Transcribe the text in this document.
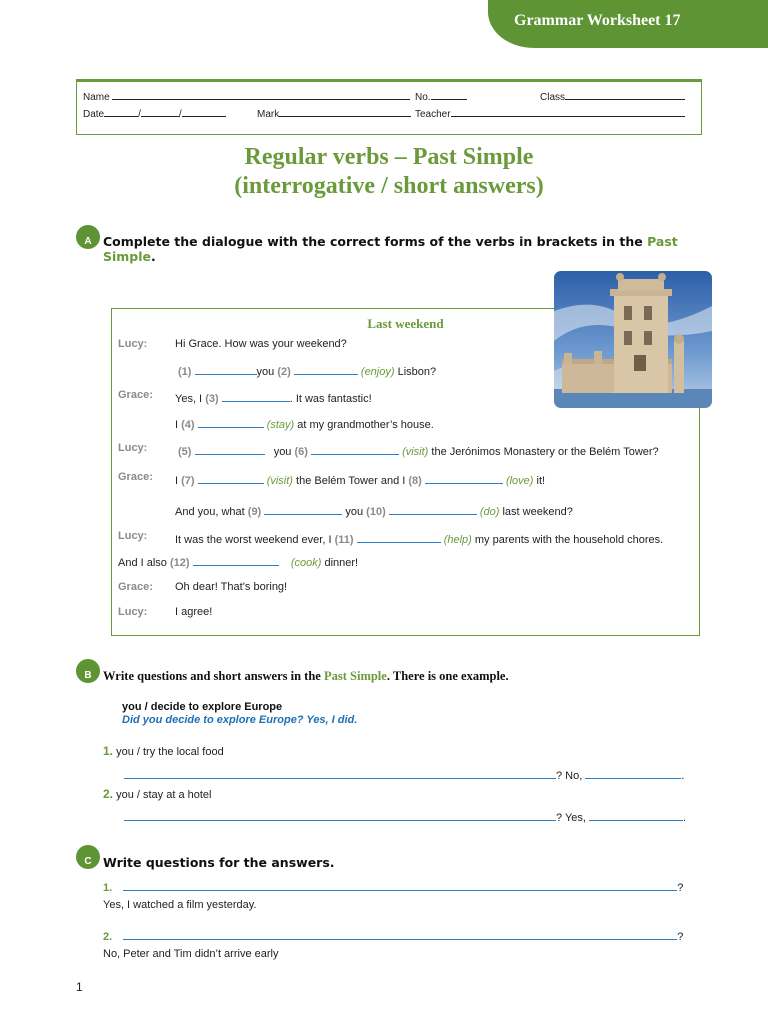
Grammar Worksheet 17
Name	No.	Class
Date	/	/	Mark	Teacher
Regular verbs – Past Simple
(interrogative / short answers)
A Complete the dialogue with the correct forms of the verbs in brackets in the Past
Simple.
Last weekend
Lucy:	Hi Grace. How was your weekend?
(1)	you (2)	(enjoy) Lisbon?
Grace: Yes, I (3)	. It was fantastic!
I (4)	(stay) at my grandmother’s house.
Lucy:	(5)	you (6)	(visit) the Jerónimos Monastery or the Belém Tower?
Grace: I (7)	(visit) the Belém Tower and I (8)	(love) it!
And you, what (9)	you (10)	(do) last weekend?
Lucy:	It was the worst weekend ever, I (11)	(help) my parents with the household chores.
And I also (12)	(cook) dinner!
Grace: Oh dear! That’s boring!
Lucy:	I agree!
B Write questions and short answers in the Past Simple. There is one example.
you / decide to explore Europe
Did you decide to explore Europe? Yes, I did.
1. you / try the local food
? No,	.
2. you / stay at a hotel
? Yes,	.
C Write questions for the answers.
1.	?
Yes, I watched a film yesterday.
2.	?
No, Peter and Tim didn’t arrive early
1
